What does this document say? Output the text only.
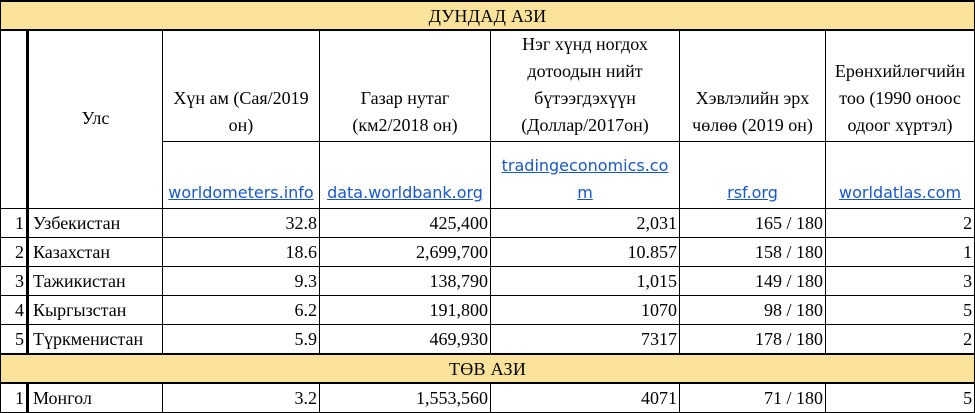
ДУНДАД АЗИ						
	Улс	Хүн ам (Сая/2019 он)	Газар нутаг (км2/2018 он)	Нэг хүнд ногдох дотоодын нийт бүтээгдэхүүн (Доллар/2017он)	Хэвлэлийн эрх чөлөө (2019 он)	Ерөнхийлөгчийн тоо (1990 оноос одоог хүртэл)
		worldometers.info	data.worldbank.org	tradingeconomics.com	rsf.org	worldatlas.com
1	Узбекистан	32.8	425,400	2,031	165 / 180	2
2	Казахстан	18.6	2,699,700	10.857	158 / 180	1
3	Тажикистан	9.3	138,790	1,015	149 / 180	3
4	Кыргызстан	6.2	191,800	1070	98 / 180	5
5	Түркменистан	5.9	469,930	7317	178 / 180	2
ТӨВ АЗИ						
1	Монгол	3.2	1,553,560	4071	71 / 180	5
